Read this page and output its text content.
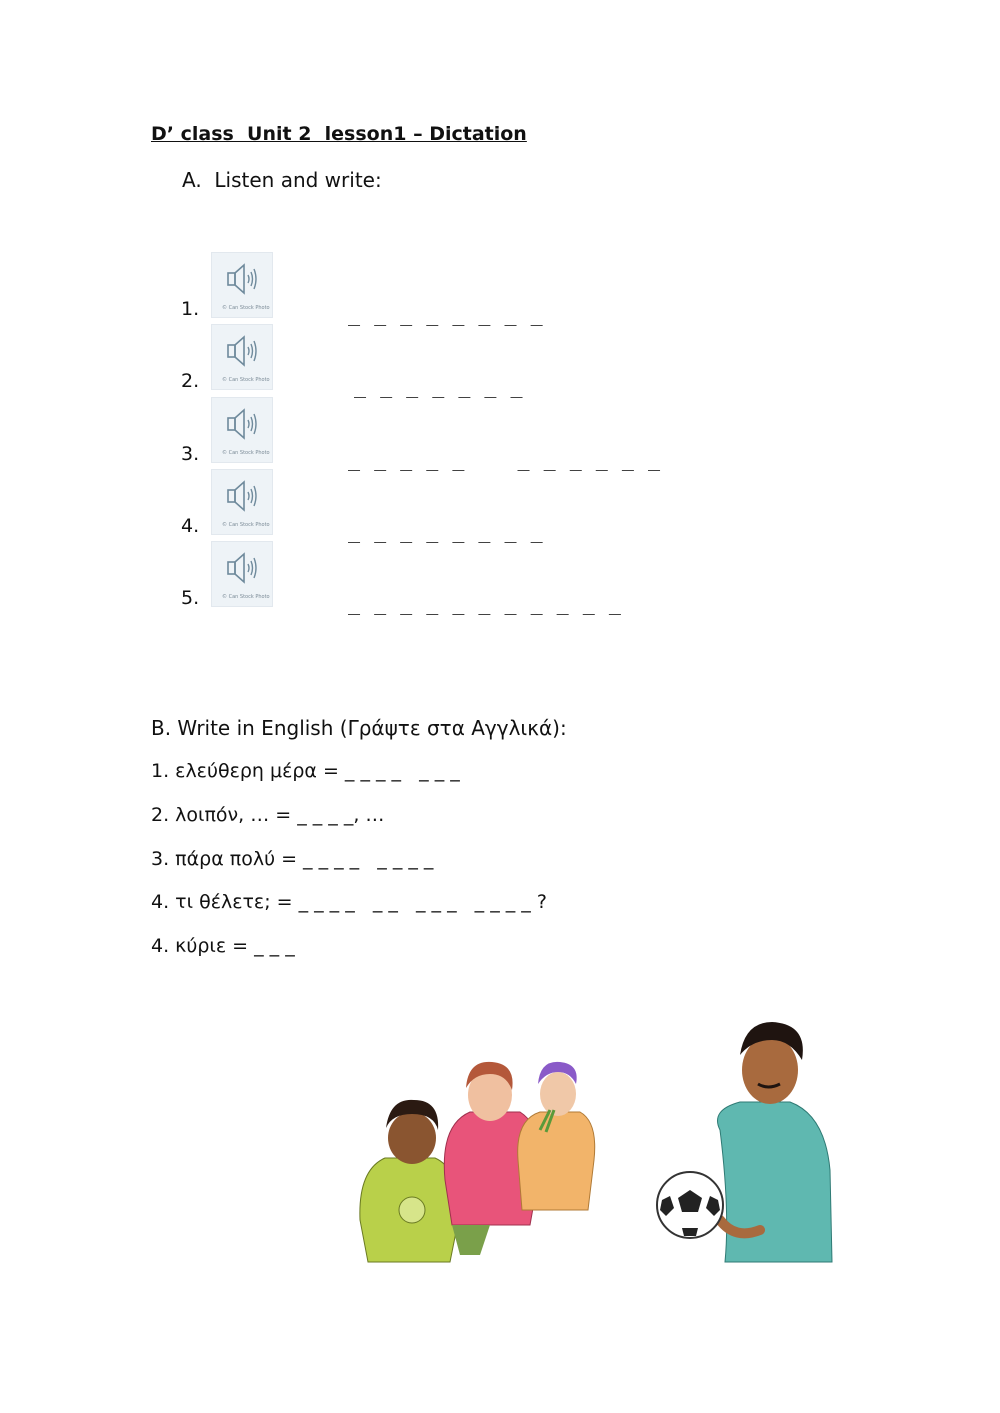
D’ class  Unit 2  lesson1 – Dictation
A.  Listen and write:
1.	© Can Stock Photo	_ _ _ _ _ _ _ _
2.	© Can Stock Photo	_ _ _ _ _ _ _
3.	© Can Stock Photo	_ _ _ _ _    _ _ _ _ _ _
4.	© Can Stock Photo	_ _ _ _ _ _ _ _
5.	© Can Stock Photo	_ _ _ _ _ _ _ _ _ _ _
B. Write in English (Γράψτε στα Αγγλικά):
1. ελεύθερη μέρα = _ _ _ _   _ _ _
2. λοιπόν, … = _ _ _ _, …
3. πάρα πολύ = _ _ _ _   _ _ _ _
4. τι θέλετε; = _ _ _ _   _ _   _ _ _   _ _ _ _ ?
4. κύριε = _ _ _
